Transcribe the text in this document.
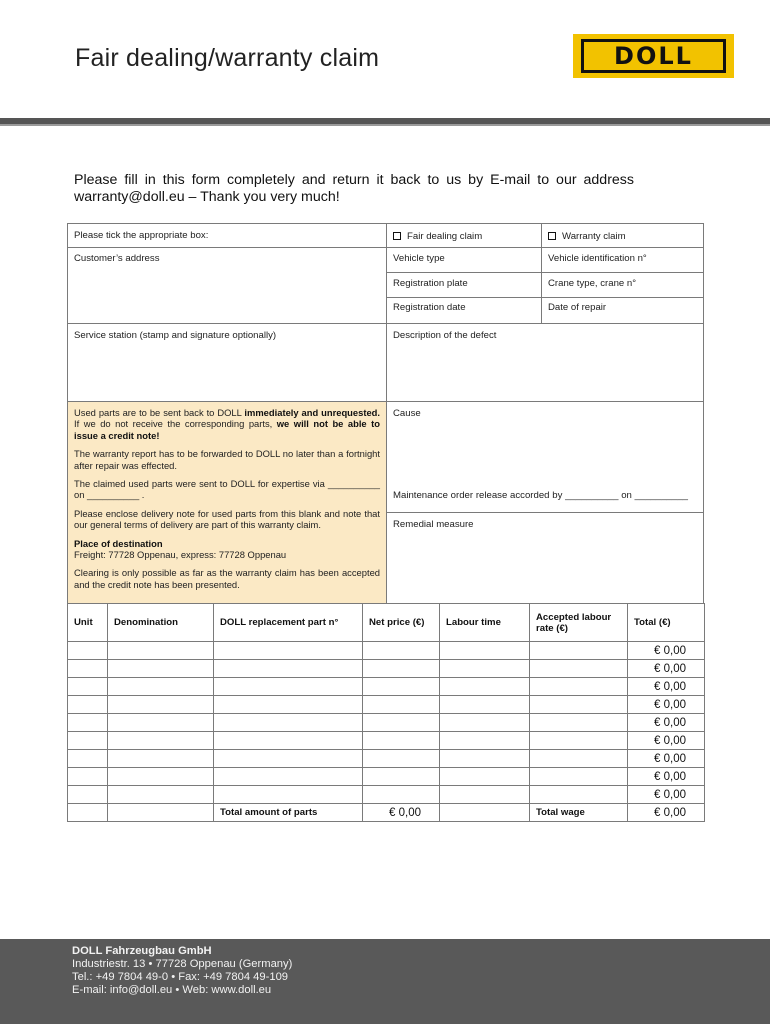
Fair dealing/warranty claim	DOLL
Please fill in this form completely and return it back to us by E-mail to our address warranty@doll.eu – Thank you very much!
Please tick the appropriate box:	Fair dealing claim	Warranty claim
Customer’s address	Vehicle type	Vehicle identification n°
Registration plate	Crane type, crane n°
Registration date	Date of repair
Service station (stamp and signature optionally)	Description of the defect
Cause
Maintenance order release accorded by __________ on __________
Remedial measure

Used parts are to be sent back to DOLL immediately and unrequested. If we do not receive the corresponding parts, we will not be able to issue a credit note!

The warranty report has to be forwarded to DOLL no later than a fortnight after repair was effected.

The claimed used parts were sent to DOLL for expertise via __________ on __________ .

Please enclose delivery note for used parts from this blank and note that our general terms of delivery are part of this warranty claim.

Place of destination
Freight: 77728 Oppenau, express: 77728 Oppenau

Clearing is only possible as far as the warranty claim has been accepted and the credit note has been presented.

Unit	Denomination	DOLL replacement part n°	Net price (€)	Labour time	Accepted labour rate (€)	Total (€)
						€ 0,00
						€ 0,00
						€ 0,00
						€ 0,00
						€ 0,00
						€ 0,00
						€ 0,00
						€ 0,00
						€ 0,00
		Total amount of parts	€ 0,00		Total wage	€ 0,00
DOLL Fahrzeugbau GmbH
Industriestr. 13 • 77728 Oppenau (Germany)
Tel.: +49 7804 49-0 • Fax: +49 7804 49-109
E-mail: info@doll.eu • Web: www.doll.eu
